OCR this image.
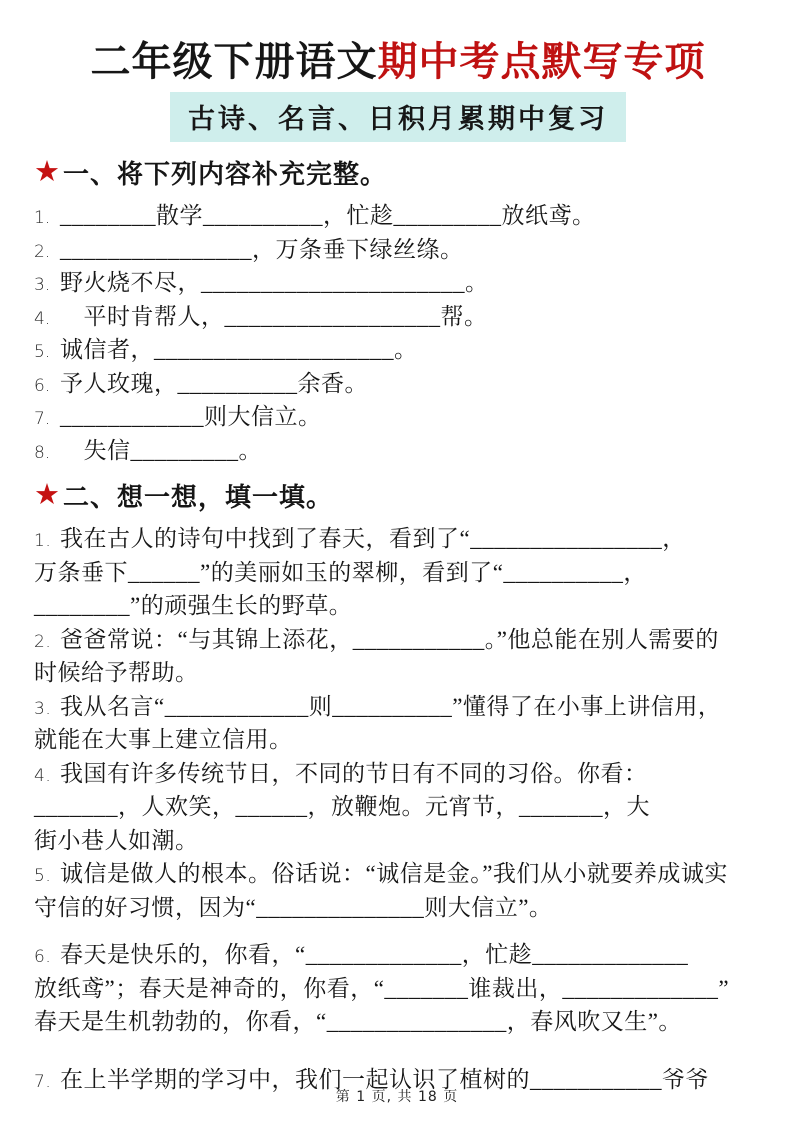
二年级下册语文期中考点默写专项
古诗、名言、日积月累期中复习
★ 一、将下列内容补充完整。
1. ________散学__________，忙趁_________放纸鸢。
2. ________________，万条垂下绿丝绦。
3. 野火烧不尽，______________________。
4. 　平时肯帮人，__________________帮。
5. 诚信者，____________________。
6. 予人玫瑰，__________余香。
7. ____________则大信立。
8. 　失信_________。
★ 二、想一想，填一填。
1. 我在古人的诗句中找到了春天，看到了“________________，
万条垂下______”的美丽如玉的翠柳，看到了“__________，
________”的顽强生长的野草。
2. 爸爸常说：“与其锦上添花，___________。”他总能在别人需要的
时候给予帮助。
3. 我从名言“____________则__________”懂得了在小事上讲信用，
就能在大事上建立信用。
4. 我国有许多传统节日，不同的节日有不同的习俗。你看：
_______，人欢笑，______，放鞭炮。元宵节，_______，大
街小巷人如潮。
5. 诚信是做人的根本。俗话说：“诚信是金。”我们从小就要养成诚实
守信的好习惯，因为“______________则大信立”。
6. 春天是快乐的，你看，“_____________，忙趁_____________
放纸鸢”；春天是神奇的，你看，“_______谁裁出，_____________”
春天是生机勃勃的，你看，“_______________，春风吹又生”。
7. 在上半学期的学习中，我们一起认识了植树的___________爷爷
第 1 页, 共 18 页
